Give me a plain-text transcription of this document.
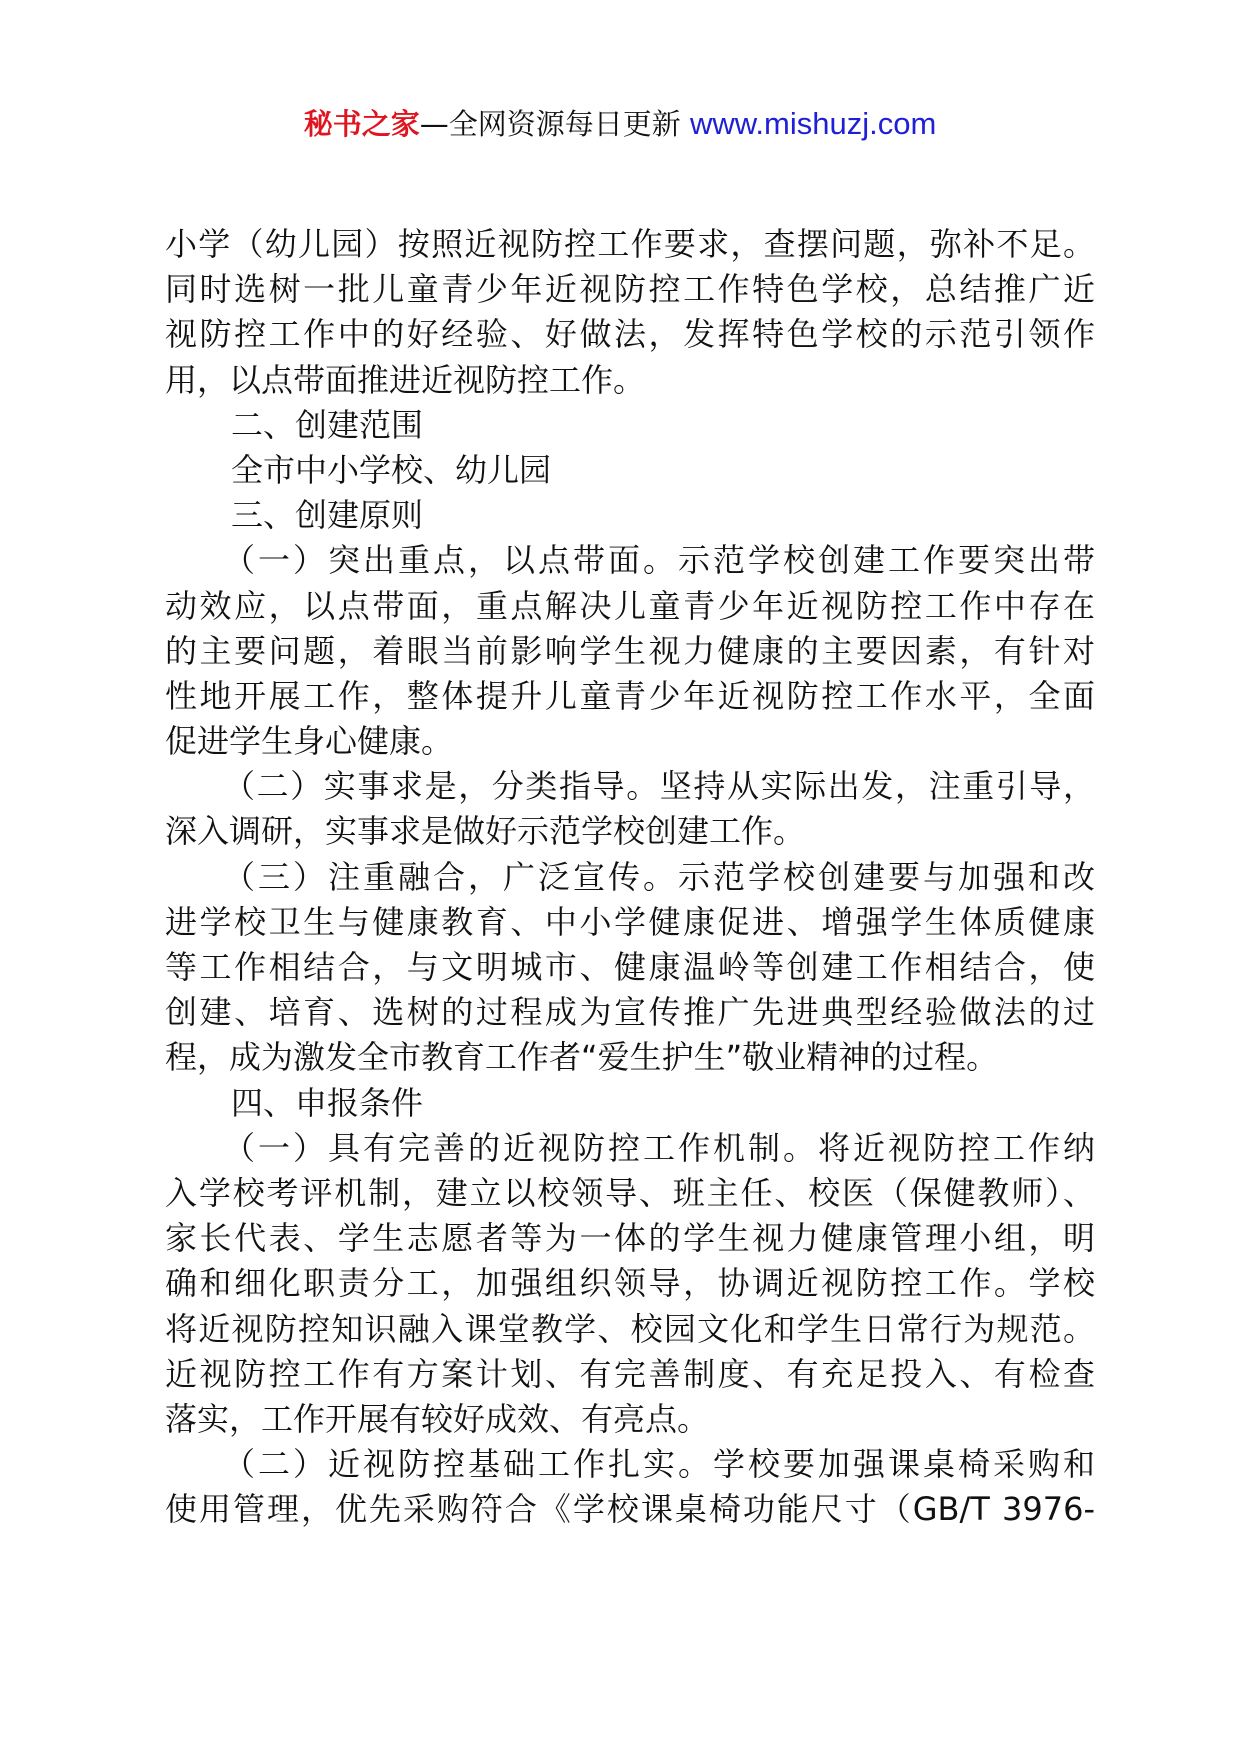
秘书之家—全网资源每日更新 www.mishuzj.com
小学（幼儿园）按照近视防控工作要求，查摆问题，弥补不足。
同时选树一批儿童青少年近视防控工作特色学校，总结推广近
视防控工作中的好经验、好做法，发挥特色学校的示范引领作
用，以点带面推进近视防控工作。
二、创建范围
全市中小学校、幼儿园
三、创建原则
（一）突出重点，以点带面。示范学校创建工作要突出带
动效应，以点带面，重点解决儿童青少年近视防控工作中存在
的主要问题，着眼当前影响学生视力健康的主要因素，有针对
性地开展工作，整体提升儿童青少年近视防控工作水平，全面
促进学生身心健康。
（二）实事求是，分类指导。坚持从实际出发，注重引导，
深入调研，实事求是做好示范学校创建工作。
（三）注重融合，广泛宣传。示范学校创建要与加强和改
进学校卫生与健康教育、中小学健康促进、增强学生体质健康
等工作相结合，与文明城市、健康温岭等创建工作相结合，使
创建、培育、选树的过程成为宣传推广先进典型经验做法的过
程，成为激发全市教育工作者“爱生护生”敬业精神的过程。
四、申报条件
（一）具有完善的近视防控工作机制。将近视防控工作纳
入学校考评机制，建立以校领导、班主任、校医（保健教师）、
家长代表、学生志愿者等为一体的学生视力健康管理小组，明
确和细化职责分工，加强组织领导，协调近视防控工作。学校
将近视防控知识融入课堂教学、校园文化和学生日常行为规范。
近视防控工作有方案计划、有完善制度、有充足投入、有检查
落实，工作开展有较好成效、有亮点。
（二）近视防控基础工作扎实。学校要加强课桌椅采购和
使用管理，优先采购符合《学校课桌椅功能尺寸（GB/T 3976-
